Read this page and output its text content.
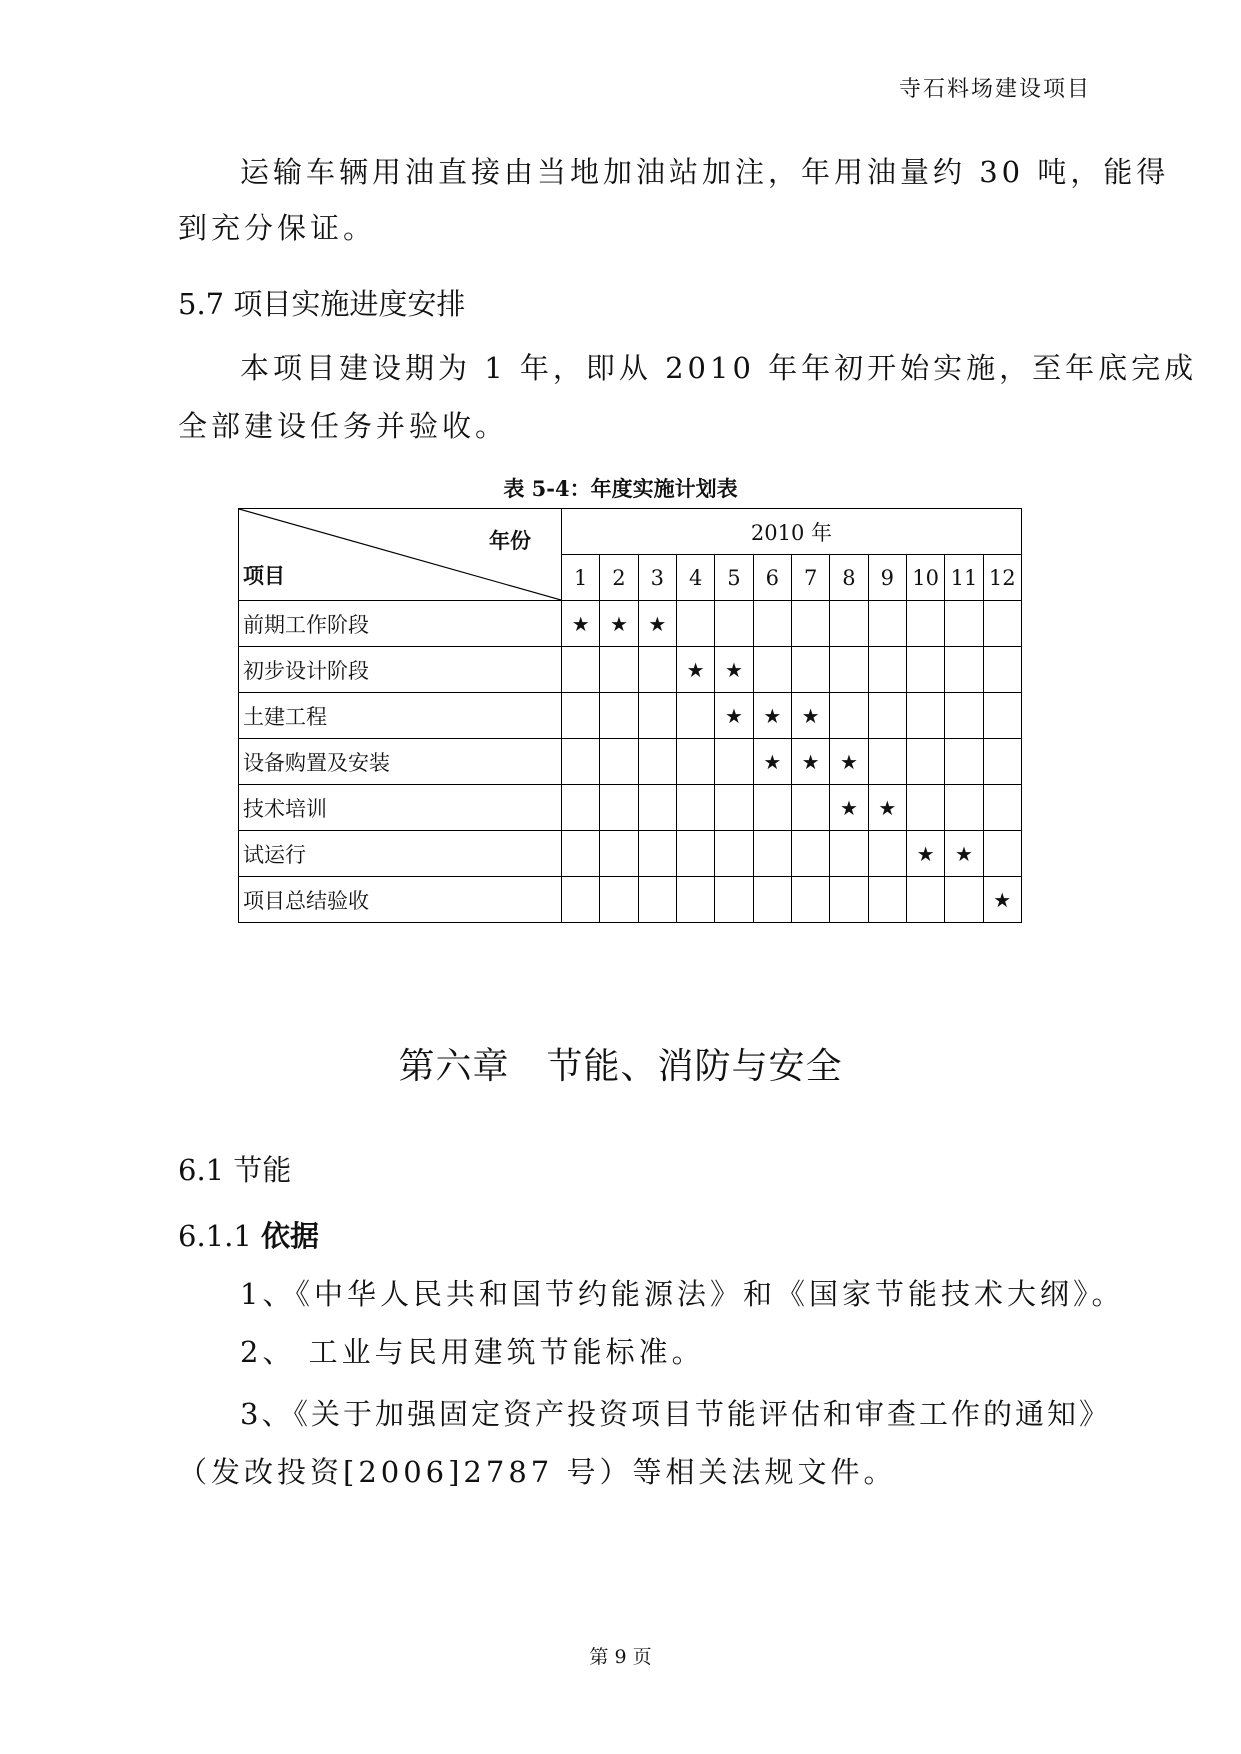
寺石料场建设项目
运输车辆用油直接由当地加油站加注，年用油量约 30 吨，能得
到充分保证。
5.7 项目实施进度安排
本项目建设期为 1 年，即从 2010 年年初开始实施，至年底完成
全部建设任务并验收。
表 5-4：年度实施计划表
年份
项目	2010 年											
	1	2	3	4	5	6	7	8	9	10	11	12
前期工作阶段	★	★	★									
初步设计阶段				★	★							
土建工程					★	★	★					
设备购置及安装						★	★	★				
技术培训								★	★			
试运行										★	★	
项目总结验收												★
第六章　节能、消防与安全
6.1 节能
6.1.1 依据
1、《中华人民共和国节约能源法》和《国家节能技术大纲》。
2、 工业与民用建筑节能标准。
3、《关于加强固定资产投资项目节能评估和审查工作的通知》
（发改投资[2006]2787 号）等相关法规文件。
第 9 页
